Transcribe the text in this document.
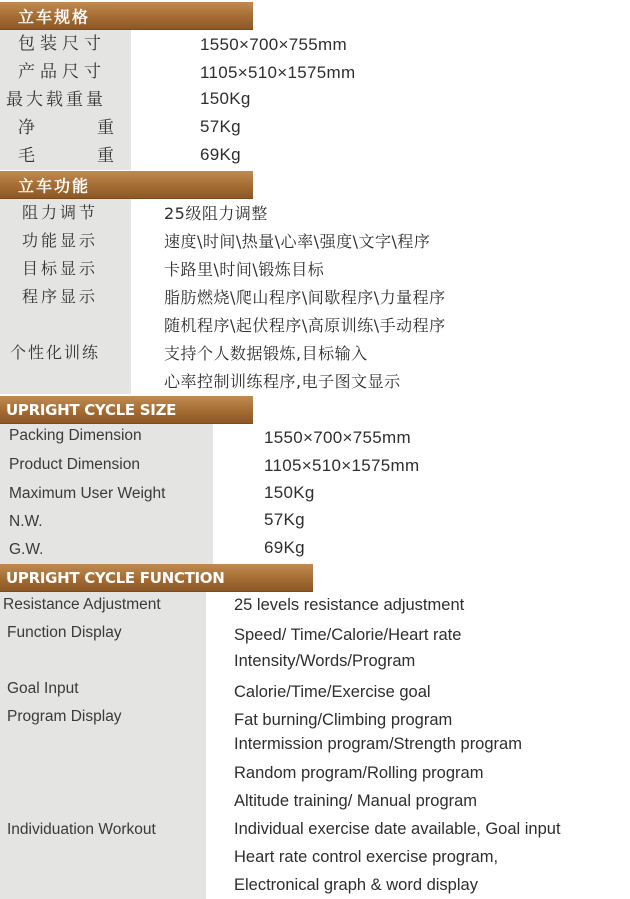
立车规格
包装尺寸	1550×700×755mm
产品尺寸	1105×510×1575mm
最大载重量	150Kg
净	重	57Kg
毛	重	69Kg
立车功能
阻力调节	25级阻力调整
功能显示	速度\时间\热量\心率\强度\文字\程序
目标显示	卡路里\时间\锻炼目标
程序显示	脂肪燃烧\爬山程序\间歇程序\力量程序
随机程序\起伏程序\高原训练\手动程序
个性化训练	支持个人数据锻炼,目标输入
心率控制训练程序,电子图文显示
UPRIGHT CYCLE SIZE
Packing Dimension	1550×700×755mm
Product Dimension	1105×510×1575mm
Maximum User Weight	150Kg
N.W.	57Kg
G.W.	69Kg
UPRIGHT CYCLE FUNCTION
Resistance Adjustment	25 levels resistance adjustment
Function Display	Speed/ Time/Calorie/Heart rate
Intensity/Words/Program
Goal Input	Calorie/Time/Exercise goal
Program Display	Fat burning/Climbing program
Intermission program/Strength program
Random program/Rolling program
Altitude training/ Manual program
Individuation Workout	Individual exercise date available, Goal input
Heart rate control exercise program,
Electronical graph & word display
